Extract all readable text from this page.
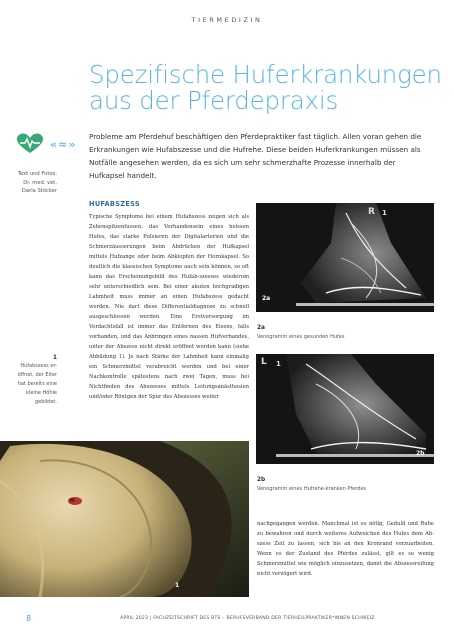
TIERMEDIZIN
Spezifische Huferkrankungen
aus der Pferdepraxis
«≈»
Text und Fotos:
Dr. med. vet.
Daria Stöcker
Probleme am Pferdehuf beschäftigen den Pferdepraktiker fast täglich. Allen voran gehen die Erkrankungen wie Hufabszesse und die Hufrehe. Diese beiden Huferkrankungen müssen als Notfälle angesehen werden, da es sich um sehr schmerzhafte Prozesse innerhalb der Hufkapsel handelt.
HUFABSZESS
Typische Symptome bei einem Hufabszess zeigen sich als Zehenspitzenfussen, das Vorhandensein eines heissen Hufes, das starke Pulsieren der Digitalarterien und die Schmerzäusserungen beim Abdrücken der Hufkapsel mittels Hufzange oder beim Abklopfen der Hornkapsel. So deutlich die klassischen Symptome auch sein können, so oft kann das Erscheinungsbild des Hufab-szesses wiederum sehr unterschiedlich sein. Bei einer akuten hochgradigen Lahmheit muss immer an einen Hufabszess gedacht werden. Nie darf diese Differentialdiagnose zu schnell ausgeschlossen werden. Eine Erstversorgung im Verdachtsfall ist immer das Entfernen des Eisens, falls vorhanden, und das Anbringen eines nassen Hufverbandes, unter der Abszess nicht direkt eröffnet werden kann (siehe Abbildung 1). Je nach Stärke der Lahmheit kann einmalig ein Schmerzmittel verabreicht werden und bei einer Nachkontrolle spätestens nach zwei Tagen, muss bei Nichtfinden des Abszesses mittels Leitungsanästhesien und/oder Röntgen der Spur des Abszesses weiter
1
Hufabszess er-
öffnet, der Eiter
hat bereits eine
kleine Höhle
gebildet.
R 1
2a
2a
Venogramm eines gesunden Hufes
L 1
2b
2b
Venogramm eines Hufrehe-kranken Pferdes
1
nachgegangen werden. Manchmal ist es nötig, Geduld und Ruhe zu bewahren und durch weiteres Aufweichen des Hufes dem Ab-szess Zeit zu lassen, sich bis an den Kronrand vorzuarbeiten. Wenn es der Zustand des Pferdes zulässt, gilt es so wenig Schmerzmittel wie möglich einzusetzen, damit die Abszessreifung nicht verzögert wird.
8	APRIL 2023 | FACHZEITSCHRIFT DES BTS – BERUFSVERBAND DER TIERHEILPRAKTIKER*INNEN SCHWEIZ
